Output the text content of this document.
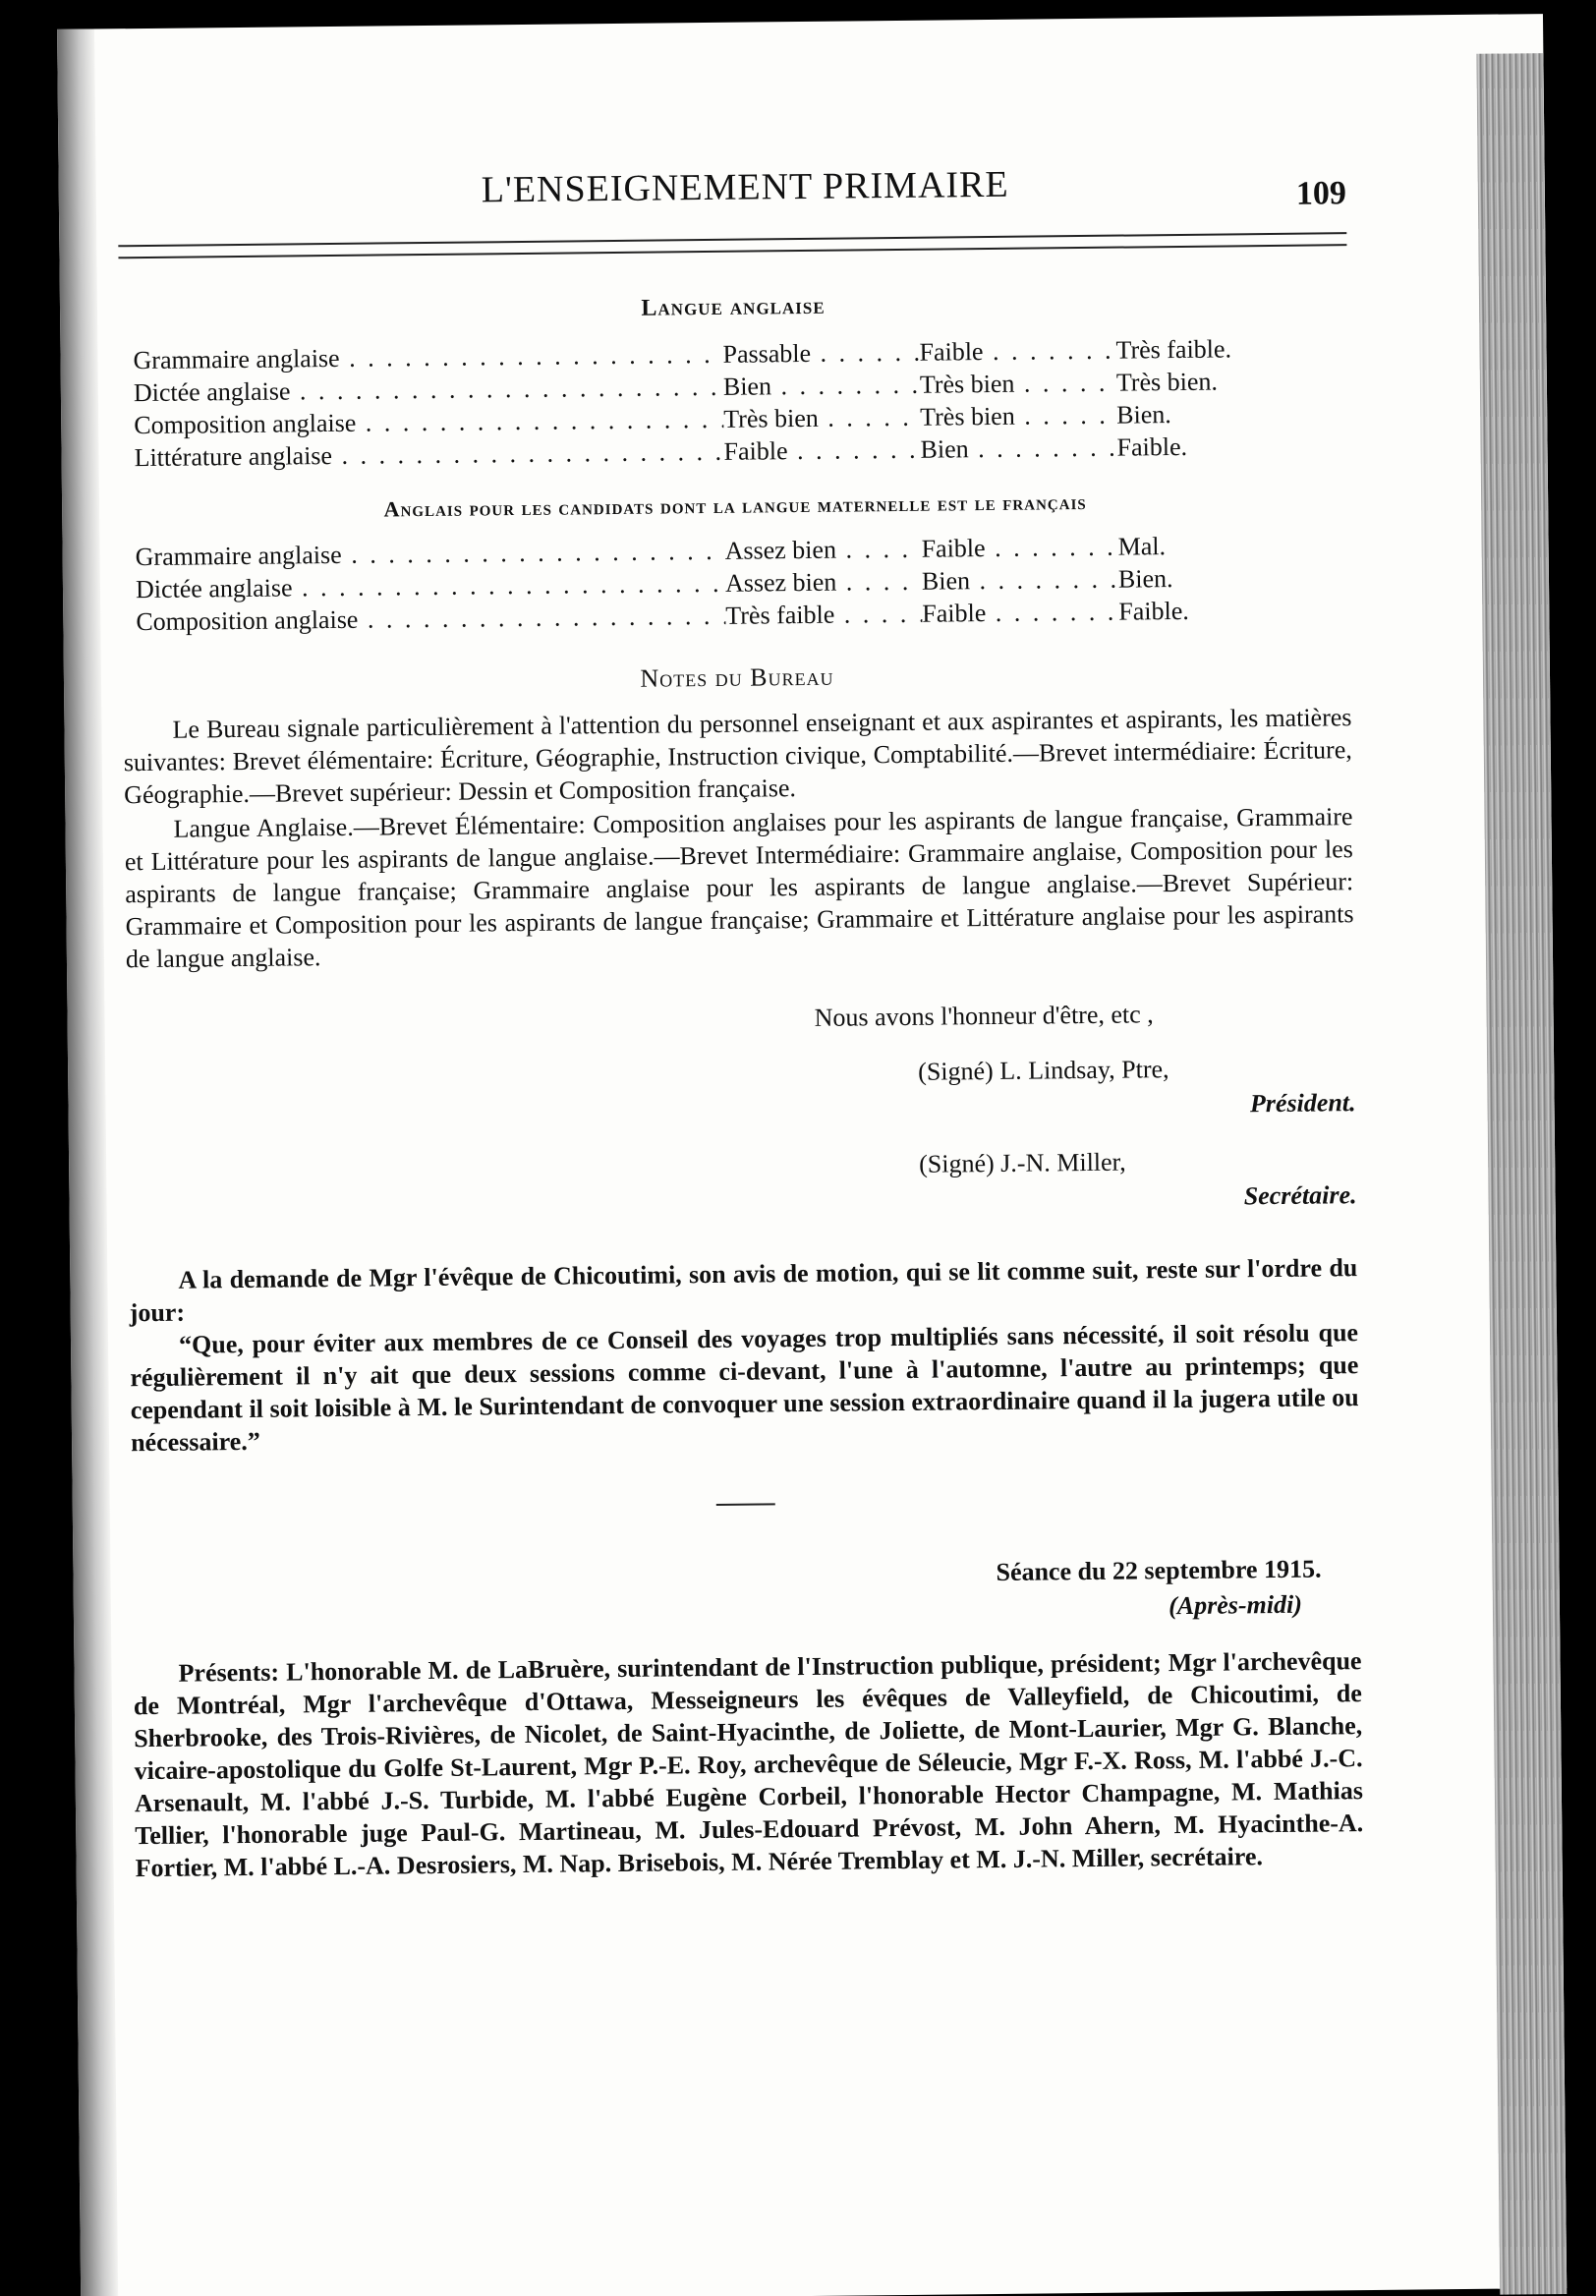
L'ENSEIGNEMENT PRIMAIRE	109
Langue anglaise
Grammaire anglaise . . .	Passable . . .	Faible . . .	Très faible.
Dictée anglaise . . .	Bien . . .	Très bien . . .	Très bien.
Composition anglaise . . .	Très bien . . .	Très bien . . .	Bien.
Littérature anglaise . . .	Faible . . .	Bien . . .	Faible.
Anglais pour les candidats dont la langue maternelle est le français
Grammaire anglaise . . .	Assez bien . . .	Faible . . .	Mal.
Dictée anglaise . . .	Assez bien . . .	Bien . . .	Bien.
Composition anglaise . . .	Très faible . . .	Faible . . .	Faible.
Notes du Bureau

Le Bureau signale particulièrement à l'attention du personnel enseignant et aux aspirantes et aspirants, les matières suivantes: Brevet élémentaire: Écriture, Géographie, Instruction civique, Comptabilité.—Brevet intermédiaire: Écriture, Géographie.—Brevet supérieur: Dessin et Composition française.

Langue Anglaise.—Brevet Élémentaire: Composition anglaises pour les aspirants de langue française, Grammaire et Littérature pour les aspirants de langue anglaise.—Brevet Intermédiaire: Grammaire anglaise, Composition pour les aspirants de langue française; Grammaire anglaise pour les aspirants de langue anglaise.—Brevet Supérieur: Grammaire et Composition pour les aspirants de langue française; Grammaire et Littérature anglaise pour les aspirants de langue anglaise.

Nous avons l'honneur d'être, etc ,
(Signé) L. Lindsay, Ptre,
Président.
(Signé) J.-N. Miller,
Secrétaire.

A la demande de Mgr l'évêque de Chicoutimi, son avis de motion, qui se lit comme suit, reste sur l'ordre du jour:

“Que, pour éviter aux membres de ce Conseil des voyages trop multipliés sans nécessité, il soit résolu que régulièrement il n'y ait que deux sessions comme ci-devant, l'une à l'automne, l'autre au printemps; que cependant il soit loisible à M. le Surintendant de convoquer une session extraordinaire quand il la jugera utile ou nécessaire.”

Séance du 22 septembre 1915.
(Après-midi)

Présents: L'honorable M. de LaBruère, surintendant de l'Instruction publique, président; Mgr l'archevêque de Montréal, Mgr l'archevêque d'Ottawa, Messeigneurs les évêques de Valleyfield, de Chicoutimi, de Sherbrooke, des Trois-Rivières, de Nicolet, de Saint-Hyacinthe, de Joliette, de Mont-Laurier, Mgr G. Blanche, vicaire-apostolique du Golfe St-Laurent, Mgr P.-E. Roy, archevêque de Séleucie, Mgr F.-X. Ross, M. l'abbé J.-C. Arsenault, M. l'abbé J.-S. Turbide, M. l'abbé Eugène Corbeil, l'honorable Hector Champagne, M. Mathias Tellier, l'honorable juge Paul-G. Martineau, M. Jules-Edouard Prévost, M. John Ahern, M. Hyacinthe-A. Fortier, M. l'abbé L.-A. Desrosiers, M. Nap. Brisebois, M. Nérée Tremblay et M. J.-N. Miller, secrétaire.
